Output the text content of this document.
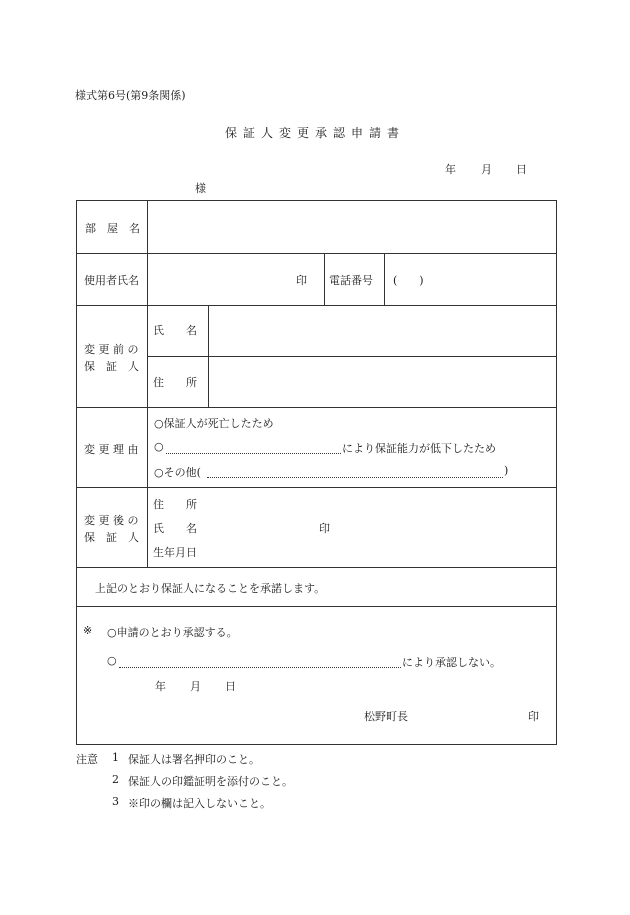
様式第6号(第9条関係)
保証人変更承認申請書
年 月 日
様
部　屋　名
使用者氏名	印 電話番号 (　　)
変 更 前 の
保　証　人
氏　　名
住　　所
変 更 理 由
○保証人が死亡したため
○	により保証能力が低下したため
○その他(	)
変 更 後 の
保　証　人
住　　所
氏　　名	印
生年月日
上記のとおり保証人になることを承諾します。
※ ○申請のとおり承認する。
○	により承認しない。
年 月 日
松野町長	印
注意 1 保証人は署名押印のこと。
2 保証人の印鑑証明を添付のこと。
3 ※印の欄は記入しないこと。
